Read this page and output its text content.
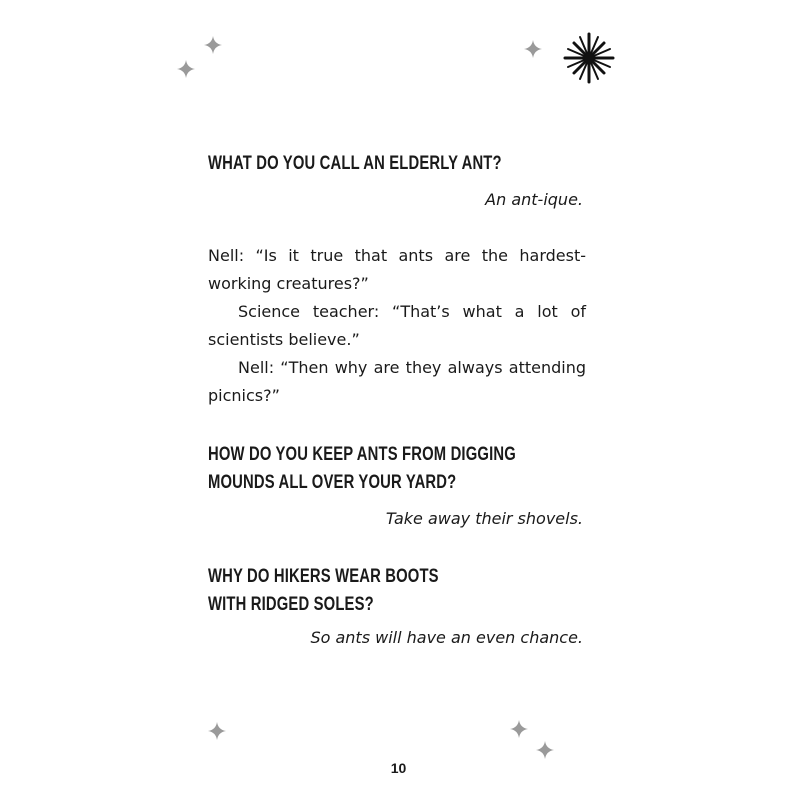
WHAT DO YOU CALL AN ELDERLY ANT?
An ant-ique.

Nell: “Is it true that ants are the hardest-working creatures?”

Science teacher: “That’s what a lot of scientists believe.”

Nell: “Then why are they always attending picnics?”

HOW DO YOU KEEP ANTS FROM DIGGING
MOUNDS ALL OVER YOUR YARD?
Take away their shovels.
WHY DO HIKERS WEAR BOOTS
WITH RIDGED SOLES?
So ants will have an even chance.
10
